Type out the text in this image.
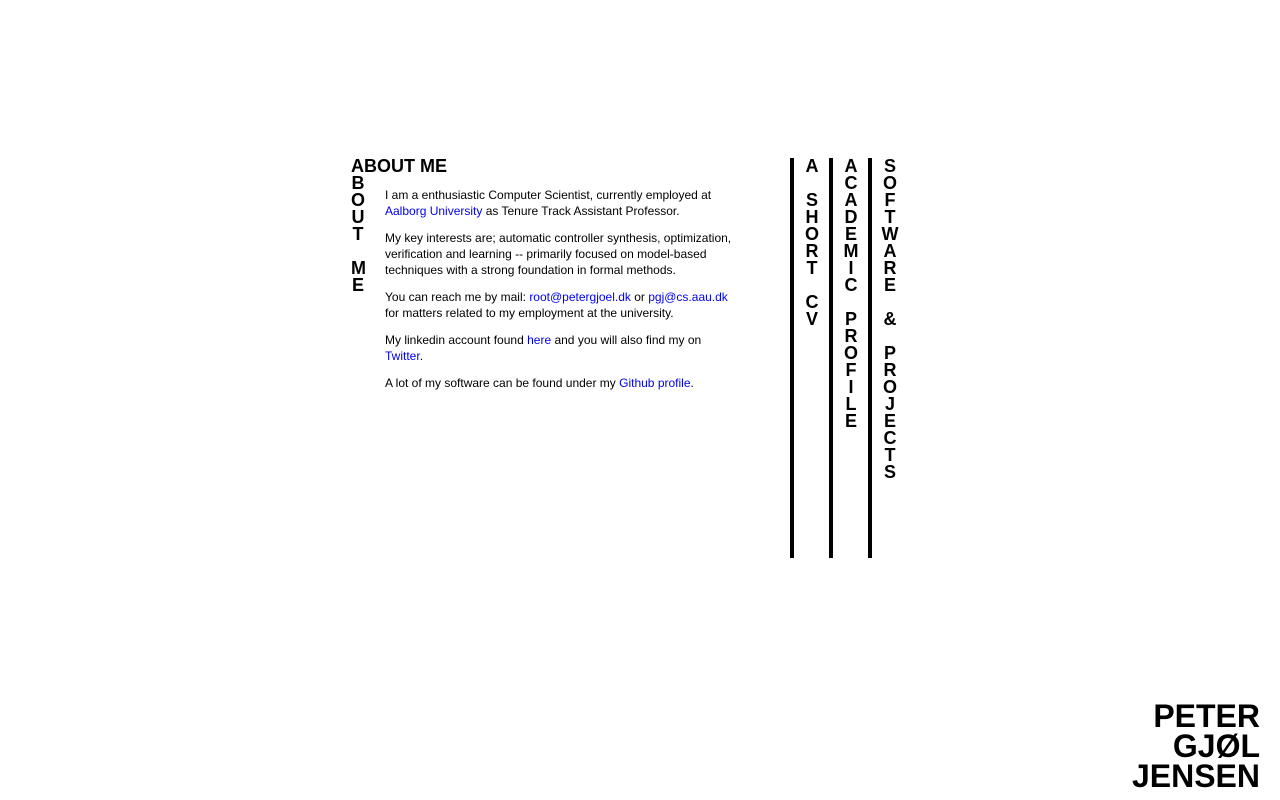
ABOUT ME
B
O
U
T
M
E

I am a enthusiastic Computer Scientist, currently employed at Aalborg University as Tenure Track Assistant Professor.

My key interests are; automatic controller synthesis, optimization, verification and learning -- primarily focused on model-based techniques with a strong foundation in formal methods.

You can reach me by mail: root@petergjoel.dk or pgj@cs.aau.dk for matters related to my employment at the university.

My linkedin account found here and you will also find my on Twitter.

A lot of my software can be found under my Github profile.

A
S
H
O
R
T
C
V
A
C
A
D
E
M
I
C
P
R
O
F
I
L
E
S
O
F
T
W
A
R
E
&
P
R
O
J
E
C
T
S
PETER
GJØL
JENSEN
